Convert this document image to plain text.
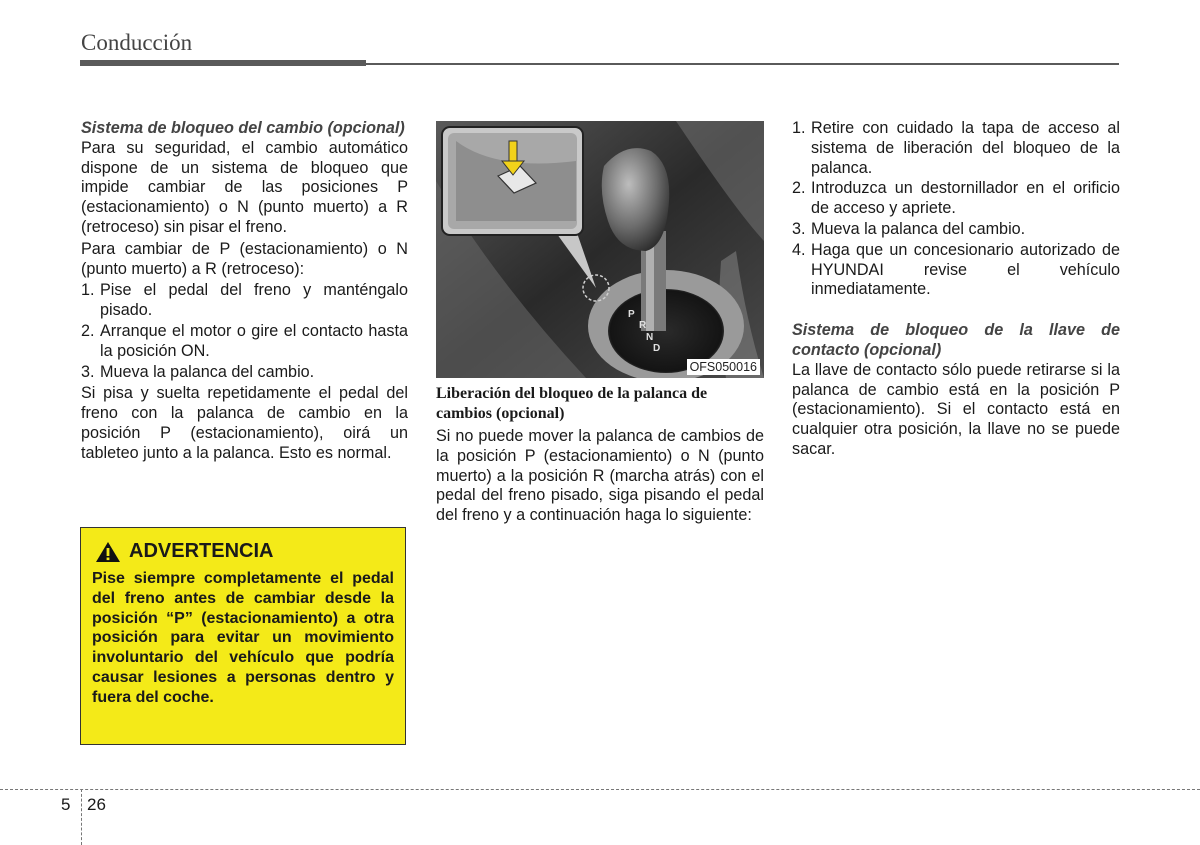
Conducción

Sistema de bloqueo del cambio (opcional)

Para su seguridad, el cambio automático dispone de un sistema de bloqueo que impide cambiar de las posiciones P (estacionamiento) o N (punto muerto) a R (retroceso) sin pisar el freno.

Para cambiar de P (estacionamiento) o N (punto muerto) a R (retroceso):

1. Pise el pedal del freno y manténgalo pisado.
2. Arranque el motor o gire el contacto hasta la posición ON.
3. Mueva la palanca del cambio.

Si pisa y suelta repetidamente el pedal del freno con la palanca de cambio en la posición P (estacionamiento), oirá un tableteo junto a la palanca. Esto es normal.

ADVERTENCIA
Pise siempre completamente el pedal del freno antes de cambiar desde la posición “P” (estacionamiento) a otra posición para evitar un movimiento involuntario del vehículo que podría causar lesiones a personas dentro y fuera del coche.
P
R
N
D
OFS050016
Liberación del bloqueo de la palanca de cambios (opcional)

Si no puede mover la palanca de cambios de la posición P (estacionamiento) o N (punto muerto) a la posición R (marcha atrás) con el pedal del freno pisado, siga pisando el pedal del freno y a continuación haga lo siguiente:

1. Retire con cuidado la tapa de acceso al sistema de liberación del bloqueo de la palanca.
2. Introduzca un destornillador en el orificio de acceso y apriete.
3. Mueva la palanca del cambio.
4. Haga que un concesionario autorizado de HYUNDAI revise el vehículo inmediatamente.

Sistema de bloqueo de la llave de contacto (opcional)

La llave de contacto sólo puede retirarse si la palanca de cambio está en la posición P (estacionamiento). Si el contacto está en cualquier otra posición, la llave no se puede sacar.

5 26
